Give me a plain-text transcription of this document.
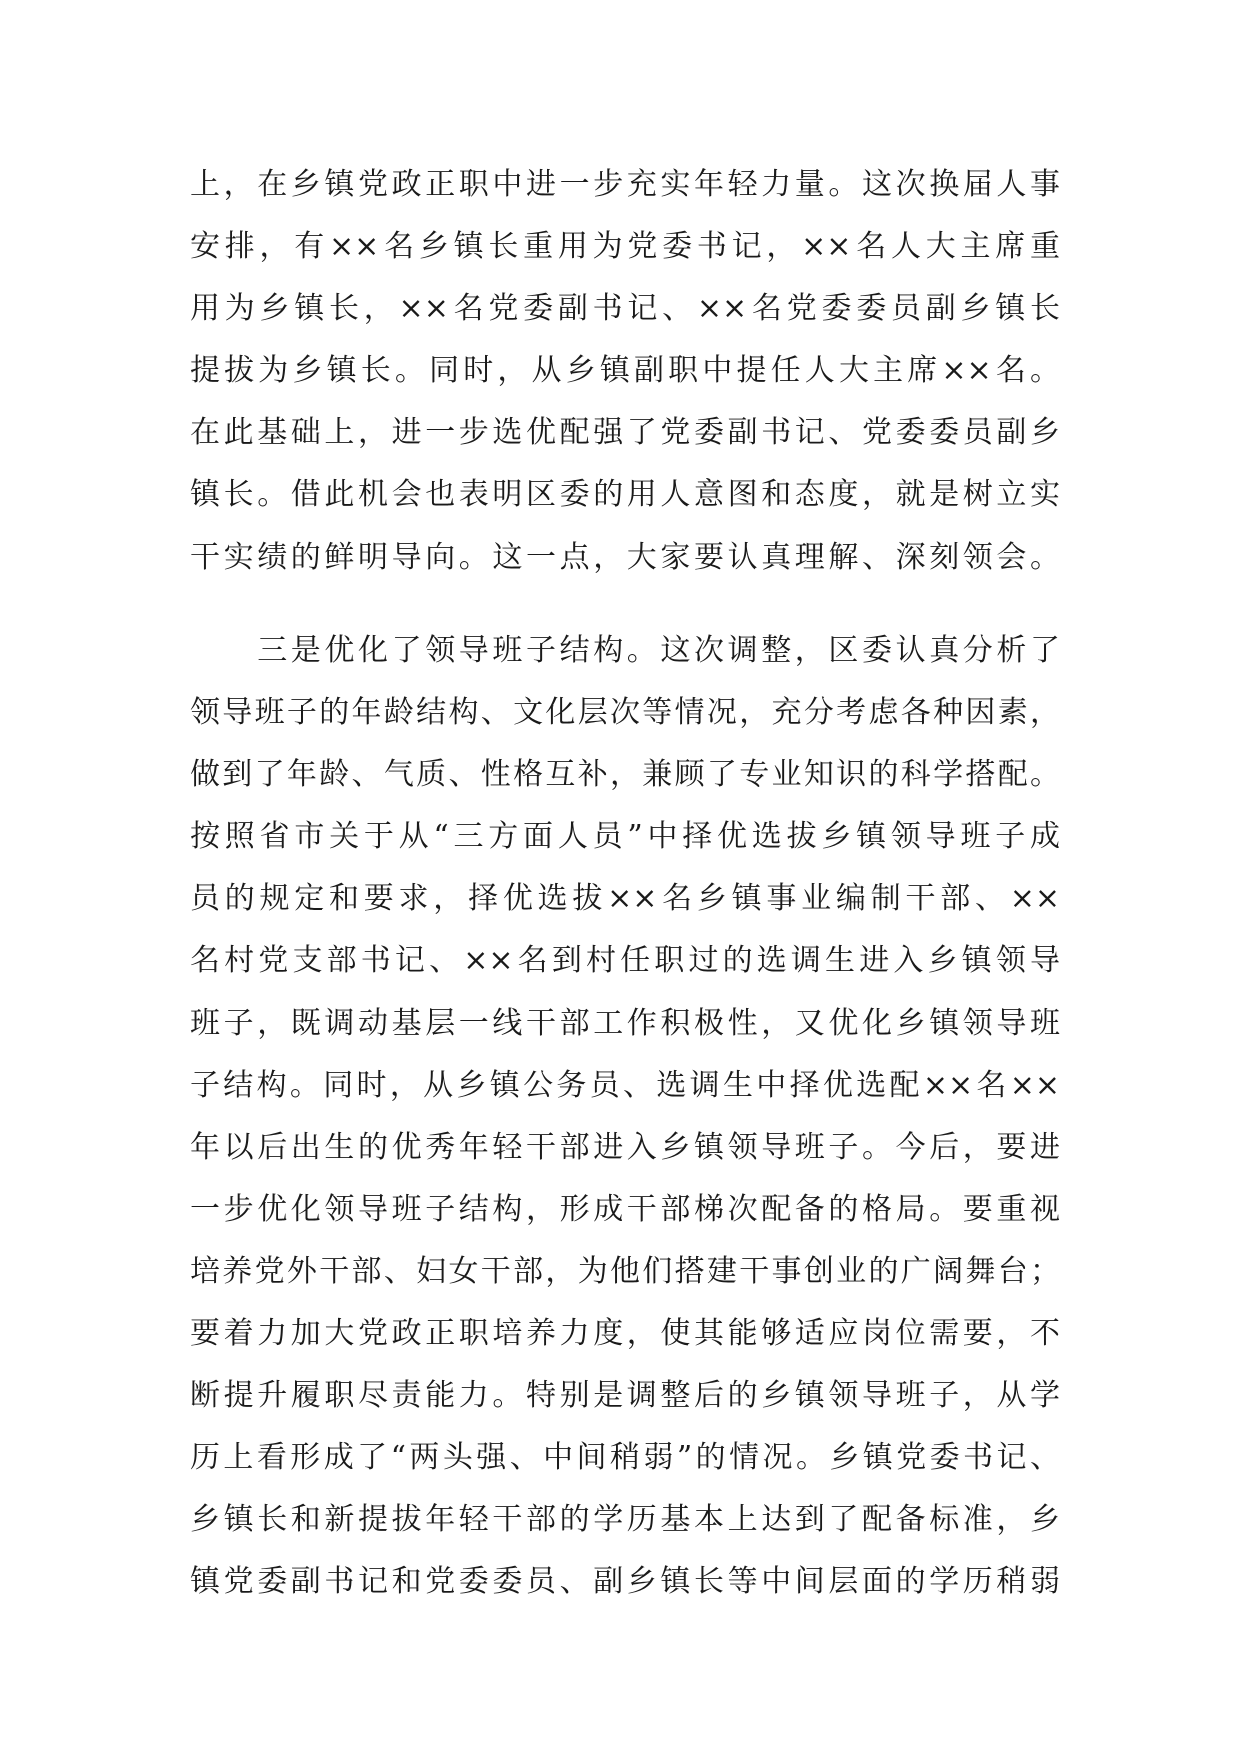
上，在乡镇党政正职中进一步充实年轻力量。这次换届人事
安排，有××名乡镇长重用为党委书记，××名人大主席重
用为乡镇长，××名党委副书记、××名党委委员副乡镇长
提拔为乡镇长。同时，从乡镇副职中提任人大主席××名。
在此基础上，进一步选优配强了党委副书记、党委委员副乡
镇长。借此机会也表明区委的用人意图和态度，就是树立实
干实绩的鲜明导向。这一点，大家要认真理解、深刻领会。
　　三是优化了领导班子结构。这次调整，区委认真分析了
领导班子的年龄结构、文化层次等情况，充分考虑各种因素，
做到了年龄、气质、性格互补，兼顾了专业知识的科学搭配。
按照省市关于从“三方面人员”中择优选拔乡镇领导班子成
员的规定和要求，择优选拔××名乡镇事业编制干部、××
名村党支部书记、××名到村任职过的选调生进入乡镇领导
班子，既调动基层一线干部工作积极性，又优化乡镇领导班
子结构。同时，从乡镇公务员、选调生中择优选配××名××
年以后出生的优秀年轻干部进入乡镇领导班子。今后，要进
一步优化领导班子结构，形成干部梯次配备的格局。要重视
培养党外干部、妇女干部，为他们搭建干事创业的广阔舞台；
要着力加大党政正职培养力度，使其能够适应岗位需要，不
断提升履职尽责能力。特别是调整后的乡镇领导班子，从学
历上看形成了“两头强、中间稍弱”的情况。乡镇党委书记、
乡镇长和新提拔年轻干部的学历基本上达到了配备标准，乡
镇党委副书记和党委委员、副乡镇长等中间层面的学历稍弱
